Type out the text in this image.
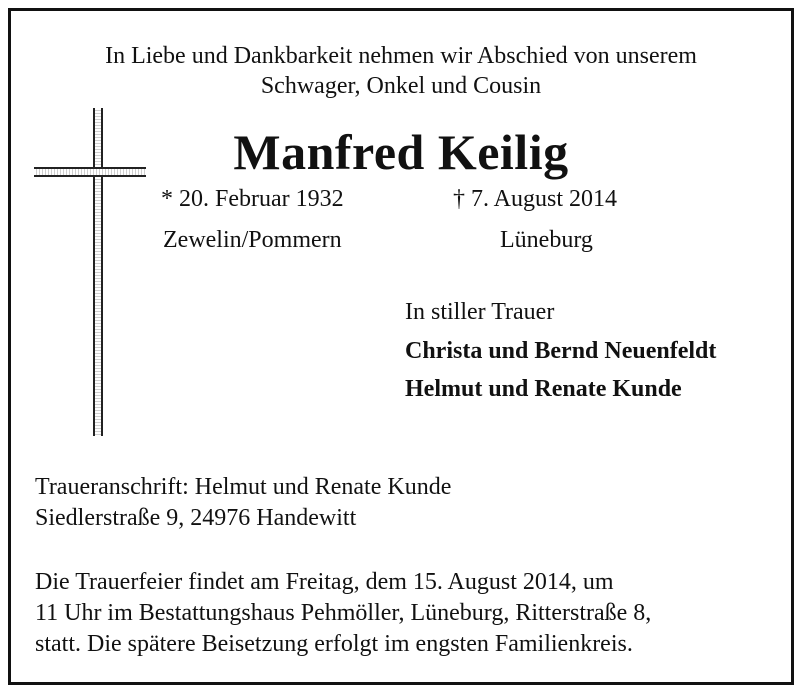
In Liebe und Dankbarkeit nehmen wir Abschied von unserem
Schwager, Onkel und Cousin
Manfred Keilig
* 20. Februar 1932	† 7. August 2014
Zewelin/Pommern	Lüneburg
In stiller Trauer
Christa und Bernd Neuenfeldt
Helmut und Renate Kunde
Traueranschrift: Helmut und Renate Kunde
Siedlerstraße 9, 24976 Handewitt
Die Trauerfeier findet am Freitag, dem 15. August 2014, um
11 Uhr im Bestattungshaus Pehmöller, Lüneburg, Ritterstraße 8,
statt. Die spätere Beisetzung erfolgt im engsten Familienkreis.
